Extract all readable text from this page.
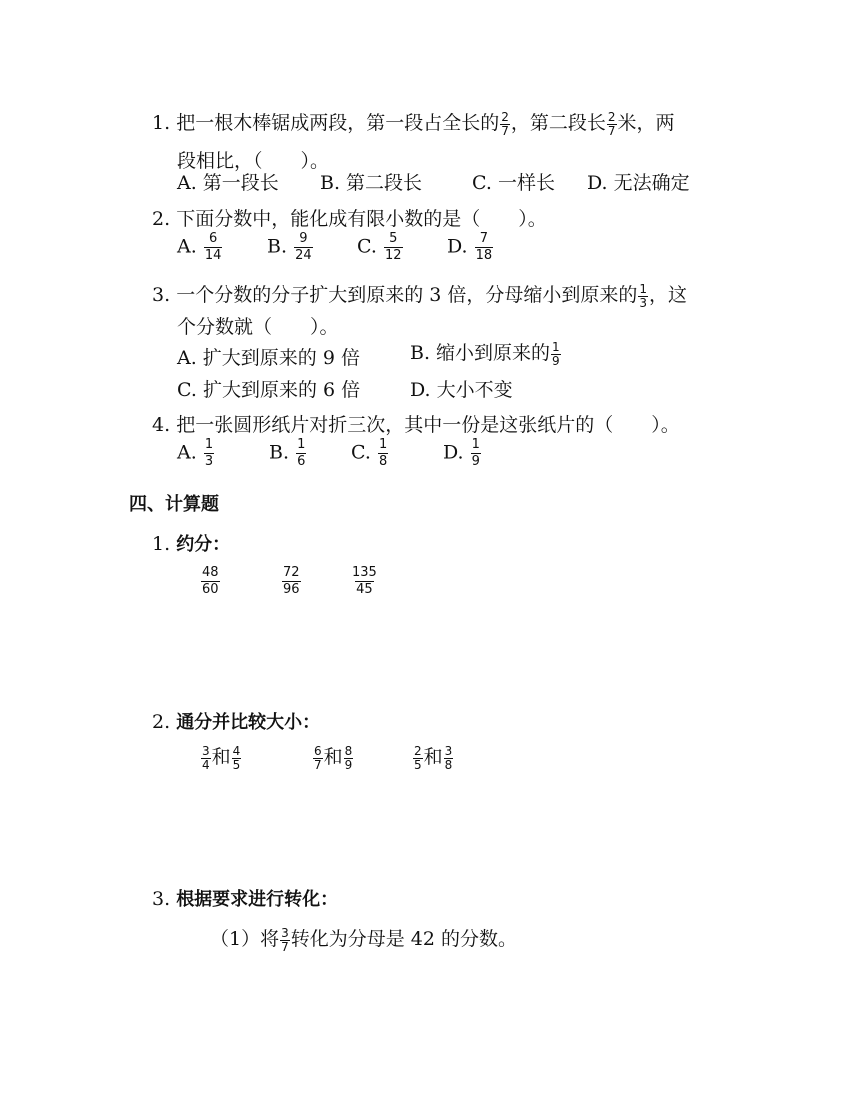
1. 把一根木棒锯成两段，第一段占全长的 $\frac{2}{7}$ ，第二段长 $\frac{2}{7}$ 米，两
段相比，（　　）。
A. 第一段长 B. 第二段长	C. 一样长 D. 无法确定
2. 下面分数中，能化成有限小数的是（　　）。
A. $\frac{6}{14} B$. $\frac{9}{24} C$. $\frac{5}{12} D$. $\frac{7}{18}$
3. 一个分数的分子扩大到原来的 3 倍，分母缩小到原来的 $\frac{1}{3}$ ，这
个分数就（　　）。
A. 扩大到原来的 9 倍	B. 缩小到原来的 $\frac{1}{9}$
C. 扩大到原来的 6 倍	D. 大小不变
4. 把一张圆形纸片对折三次，其中一份是这张纸片的（　　）。
A. $\frac{1}{3}$	B. $\frac{1}{6} C$. $\frac{1}{8}$	D. $\frac{1}{9}$
四、计算题
1. 约分：
$\frac{48}{60}$	$\frac{72}{96}$	$\frac{135}{45}$
2. 通分并比较大小：
$\frac{3}{4}$ 和 $\frac{4}{5}$	$\frac{6}{7}$ 和 $\frac{8}{9}$	$\frac{2}{5}$ 和 $\frac{3}{8}$
3. 根据要求进行转化：
（1）将 $\frac{3}{7}$ 转化为分母是 42 的分数。
